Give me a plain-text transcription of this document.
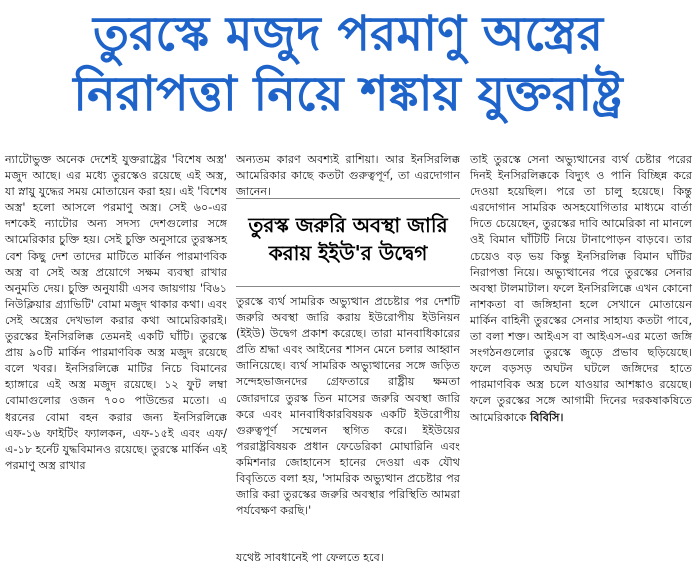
তুরস্কে মজুদ পরমাণু অস্ত্রের
নিরাপত্তা নিয়ে শঙ্কায় যুক্তরাষ্ট্র

ন্যাটোভুক্ত অনেক দেশেই যুক্তরাষ্ট্রের 'বিশেষ অস্ত্র' মজুদ আছে। এর মধ্যে তুরস্কেও রয়েছে এই অস্ত্র, যা স্নায়ু যুদ্ধের সময় মোতায়েন করা হয়। এই 'বিশেষ অস্ত্র' হলো আসলে পরমাণু অস্ত্র। সেই ৬০-এর দশকেই ন্যাটোর অন্য সদস্য দেশগুলোর সঙ্গে আমেরিকার চুক্তি হয়। সেই চুক্তি অনুসারে তুরস্কসহ বেশ কিছু দেশ তাদের মাটিতে মার্কিন পারমাণবিক অস্ত্র বা সেই অস্ত্র প্রয়োগে সক্ষম ব্যবস্থা রাখার অনুমতি দেয়। চুক্তি অনুযায়ী এসব জায়গায় 'বি৬১ নিউক্লিয়ার গ্র্যাভিটি' বোমা মজুদ থাকার কথা। এবং সেই অস্ত্রের দেখভাল করার কথা আমেরিকারই। তুরস্কের ইনসিরলিক্ক তেমনই একটি ঘাঁটি। তুরস্কে প্রায় ৯০টি মার্কিন পারমাণবিক অস্ত্র মজুদ রয়েছে বলে খবর। ইনসিরলিক্কে মাটির নিচে বিমানের হ্যাঙ্গারে এই অস্ত্র মজুদ রয়েছে। ১২ ফুট লম্বা বোমাগুলোর ওজন ৭০০ পাউন্ডের মতো। এ ধরনের বোমা বহন করার জন্য ইনসিরলিক্কে এফ-১৬ ফাইটিং ফ্যালকন, এফ-১৫ই এবং এফ/এ-১৮ হর্নেট যুদ্ধবিমানও রয়েছে। তুরস্কে মার্কিন এই পরমাণু অস্ত্র রাখার

অন্যতম কারণ অবশ্যই রাশিয়া। আর ইনসিরলিক্ক আমেরিকার কাছে কতটা গুরুত্বপূর্ণ, তা এরদোগান জানেন।

তুরস্ক জরুরি অবস্থা জারি
করায় ইইউ'র উদ্বেগ

তুরস্কে ব্যর্থ সামরিক অভ্যুত্থান প্রচেষ্টার পর দেশটি জরুরি অবস্থা জারি করায় ইউরোপীয় ইউনিয়ন (ইইউ) উদ্বেগ প্রকাশ করেছে। তারা মানবাধিকারের প্রতি শ্রদ্ধা এবং আইনের শাসন মেনে চলার আহ্বান জানিয়েছে। ব্যর্থ সামরিক অভ্যুত্থানের সঙ্গে জড়িত সন্দেহভাজনদের গ্রেফতারে রাষ্ট্রীয় ক্ষমতা জোরদারে তুরস্ক তিন মাসের জরুরি অবস্থা জারি করে এবং মানবাধিকারবিষয়ক একটি ইউরোপীয় গুরুত্বপূর্ণ সম্মেলন স্থগিত করে। ইইউয়ের পররাষ্ট্রবিষয়ক প্রধান ফেডেরিকা মোঘারিনি এবং কমিশনার জোহানেস হানের দেওয়া এক যৌথ বিবৃতিতে বলা হয়, 'সামরিক অভ্যুত্থান প্রচেষ্টার পর জারি করা তুরস্কের জরুরি অবস্থার পরিস্থিতি আমরা পর্যবেক্ষণ করছি।'

যথেষ্ট সাবধানেই পা ফেলতে হবে।

তাই তুরস্কে সেনা অভ্যুত্থানের ব্যর্থ চেষ্টার পরের দিনই ইনসিরলিক্ককে বিদ্যুৎ ও পানি বিচ্ছিন্ন করে দেওয়া হয়েছিল। পরে তা চালু হয়েছে। কিন্তু এরদোগান সামরিক অসহযোগিতার মাধ্যমে বার্তা দিতে চেয়েছেন, তুরস্কের দাবি আমেরিকা না মানলে ওই বিমান ঘাঁটিটি নিয়ে টানাপোড়ন বাড়বে। তার চেয়েও বড় ভয় কিন্তু ইনসিরলিক্ক বিমান ঘাঁটির নিরাপত্তা নিয়ে। অভ্যুত্থানের পরে তুরস্কের সেনার অবস্থা টালমাটাল। ফলে ইনসিরলিক্কে এখন কোনো নাশকতা বা জঙ্গিহানা হলে সেখানে মোতায়েন মার্কিন বাহিনী তুরস্কের সেনার সাহায্য কতটা পাবে, তা বলা শক্ত। আইএস বা আইএস-এর মতো জঙ্গি সংগঠনগুলোর তুরস্কে জুড়ে প্রভাব ছড়িয়েছে। ফলে বড়সড় অঘটন ঘটলে জঙ্গিদের হাতে পারমাণবিক অস্ত্র চলে যাওয়ার আশঙ্কাও রয়েছে। ফলে তুরস্কের সঙ্গে আগামী দিনের দরকষাকষিতে আমেরিকাকে বিবিসি।
